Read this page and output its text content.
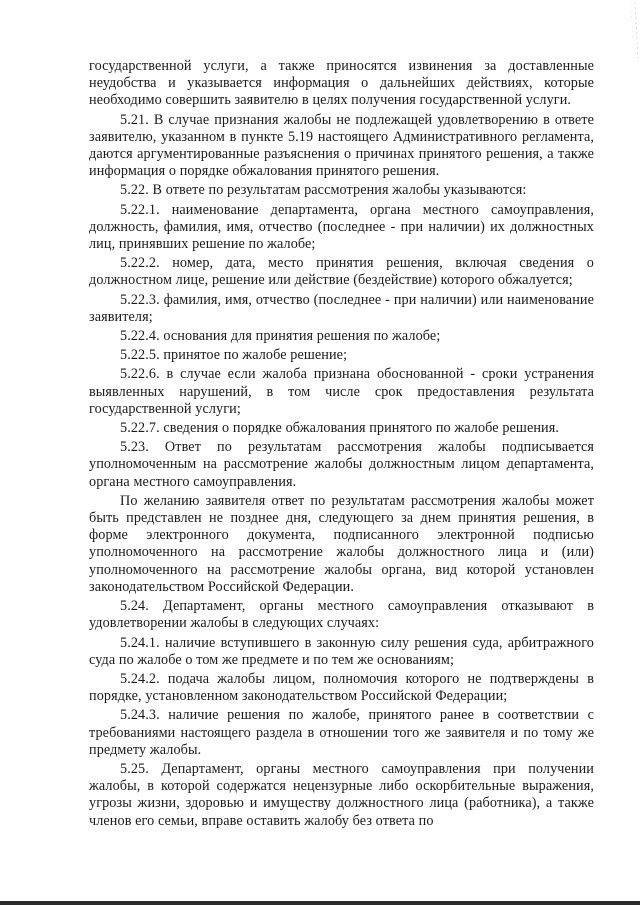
государственной услуги, а также приносятся извинения за доставленные неудобства и указывается информация о дальнейших действиях, которые необходимо совершить заявителю в целях получения государственной услуги.

5.21. В случае признания жалобы не подлежащей удовлетворению в ответе заявителю, указанном в пункте 5.19 настоящего Административного регламента, даются аргументированные разъяснения о причинах принятого решения, а также информация о порядке обжалования принятого решения.

5.22. В ответе по результатам рассмотрения жалобы указываются:

5.22.1. наименование департамента, органа местного самоуправления, должность, фамилия, имя, отчество (последнее - при наличии) их должностных лиц, принявших решение по жалобе;

5.22.2. номер, дата, место принятия решения, включая сведения о должностном лице, решение или действие (бездействие) которого обжалуется;

5.22.3. фамилия, имя, отчество (последнее - при наличии) или наименование заявителя;

5.22.4. основания для принятия решения по жалобе;

5.22.5. принятое по жалобе решение;

5.22.6. в случае если жалоба признана обоснованной - сроки устранения выявленных нарушений, в том числе срок предоставления результата государственной услуги;

5.22.7. сведения о порядке обжалования принятого по жалобе решения.

5.23. Ответ по результатам рассмотрения жалобы подписывается уполномоченным на рассмотрение жалобы должностным лицом департамента, органа местного самоуправления.

По желанию заявителя ответ по результатам рассмотрения жалобы может быть представлен не позднее дня, следующего за днем принятия решения, в форме электронного документа, подписанного электронной подписью уполномоченного на рассмотрение жалобы должностного лица и (или) уполномоченного на рассмотрение жалобы органа, вид которой установлен законодательством Российской Федерации.

5.24. Департамент, органы местного самоуправления отказывают в удовлетворении жалобы в следующих случаях:

5.24.1. наличие вступившего в законную силу решения суда, арбитражного суда по жалобе о том же предмете и по тем же основаниям;

5.24.2. подача жалобы лицом, полномочия которого не подтверждены в порядке, установленном законодательством Российской Федерации;

5.24.3. наличие решения по жалобе, принятого ранее в соответствии с требованиями настоящего раздела в отношении того же заявителя и по тому же предмету жалобы.

5.25. Департамент, органы местного самоуправления при получении жалобы, в которой содержатся нецензурные либо оскорбительные выражения, угрозы жизни, здоровью и имуществу должностного лица (работника), а также членов его семьи, вправе оставить жалобу без ответа по
